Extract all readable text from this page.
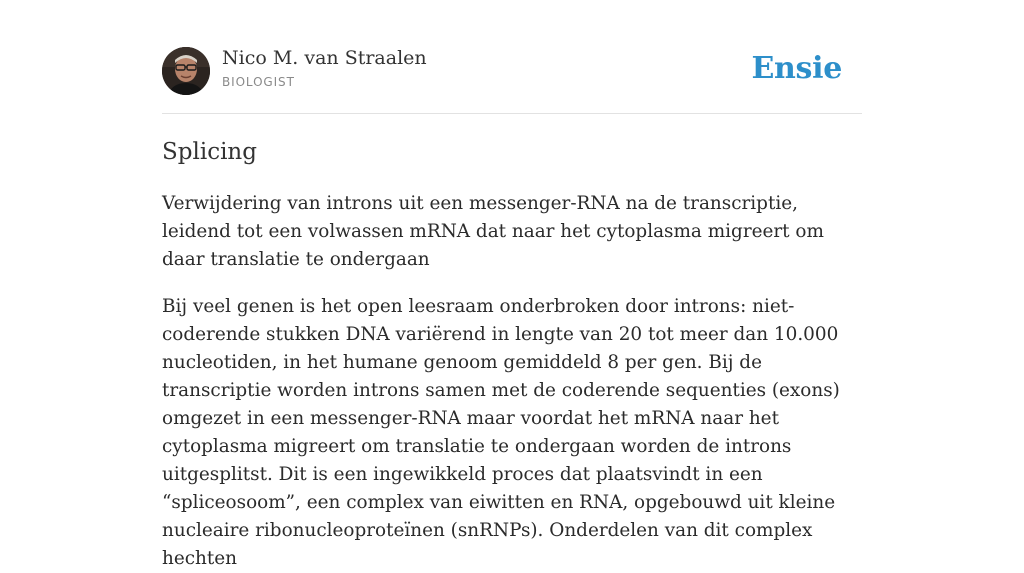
Nico M. van Straalen
BIOLOGIST	Ensie
Splicing

Verwijdering van introns uit een messenger-RNA na de transcriptie, leidend tot een volwassen mRNA dat naar het cytoplasma migreert om daar translatie te ondergaan

Bij veel genen is het open leesraam onderbroken door introns: niet-coderende stukken DNA variërend in lengte van 20 tot meer dan 10.000 nucleotiden, in het humane genoom gemiddeld 8 per gen. Bij de transcriptie worden introns samen met de coderende sequenties (exons) omgezet in een messenger-RNA maar voordat het mRNA naar het cytoplasma migreert om translatie te ondergaan worden de introns uitgesplitst. Dit is een ingewikkeld proces dat plaatsvindt in een “spliceosoom”, een complex van eiwitten en RNA, opgebouwd uit kleine nucleaire ribonucleoproteïnen (snRNPs). Onderdelen van dit complex hechten
